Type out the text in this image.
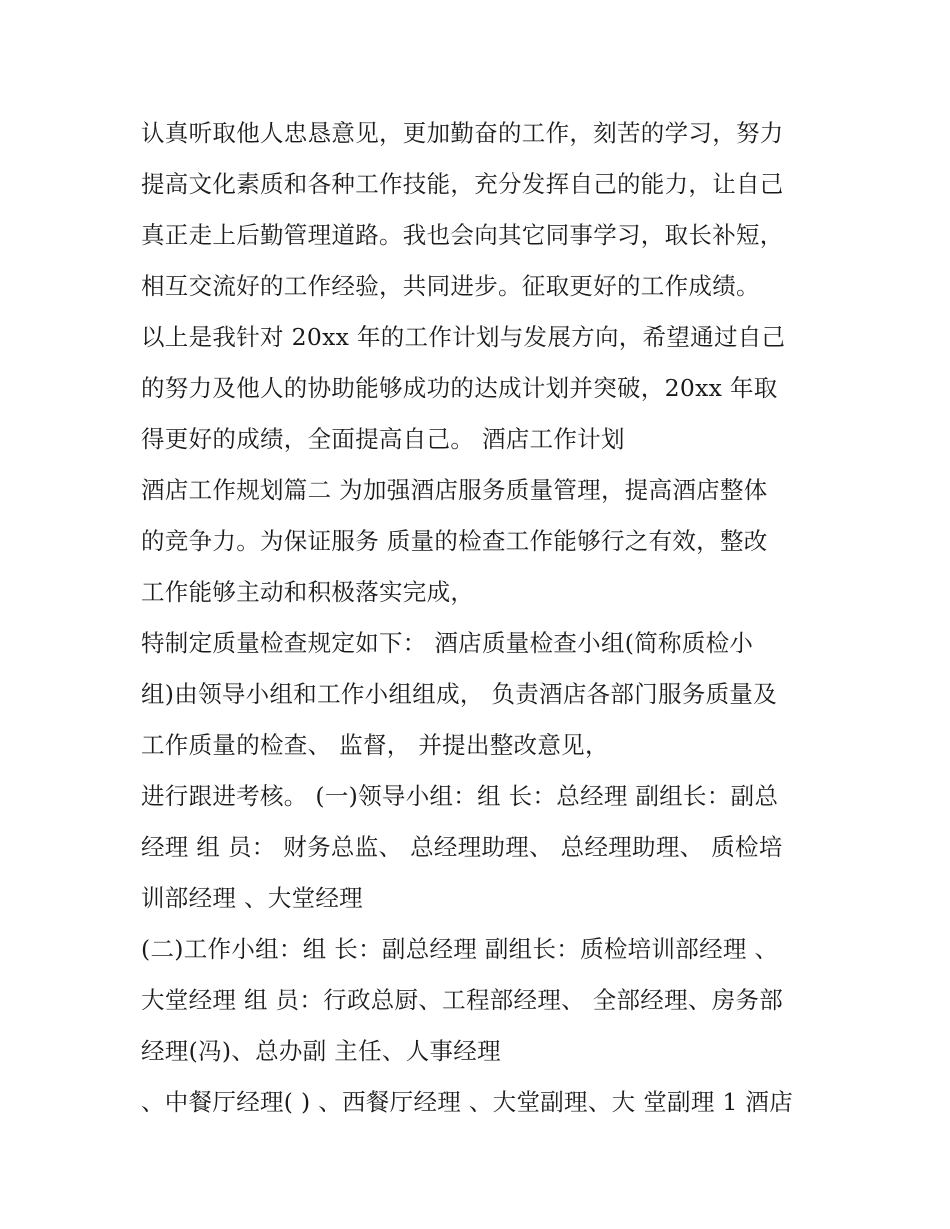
认真听取他人忠恳意见，更加勤奋的工作，刻苦的学习，努力
提高文化素质和各种工作技能，充分发挥自己的能力，让自己
真正走上后勤管理道路。我也会向其它同事学习，取长补短，
相互交流好的工作经验，共同进步。征取更好的工作成绩。
以上是我针对 20xx 年的工作计划与发展方向，希望通过自己
的努力及他人的协助能够成功的达成计划并突破，20xx 年取
得更好的成绩，全面提高自己。 酒店工作计划
酒店工作规划篇二 为加强酒店服务质量管理，提高酒店整体
的竞争力。为保证服务 质量的检查工作能够行之有效，整改
工作能够主动和积极落实完成，
特制定质量检查规定如下： 酒店质量检查小组(简称质检小
组)由领导小组和工作小组组成， 负责酒店各部门服务质量及
工作质量的检查、 监督， 并提出整改意见，
进行跟进考核。 (一)领导小组：组 长：总经理 副组长：副总
经理 组 员： 财务总监、 总经理助理、 总经理助理、 质检培
训部经理 、大堂经理
(二)工作小组：组 长：副总经理 副组长：质检培训部经理 、
大堂经理 组 员：行政总厨、工程部经理、 全部经理、房务部
经理(冯)、总办副 主任、人事经理
、中餐厅经理( ) 、西餐厅经理 、大堂副理、大 堂副理 1 酒店
